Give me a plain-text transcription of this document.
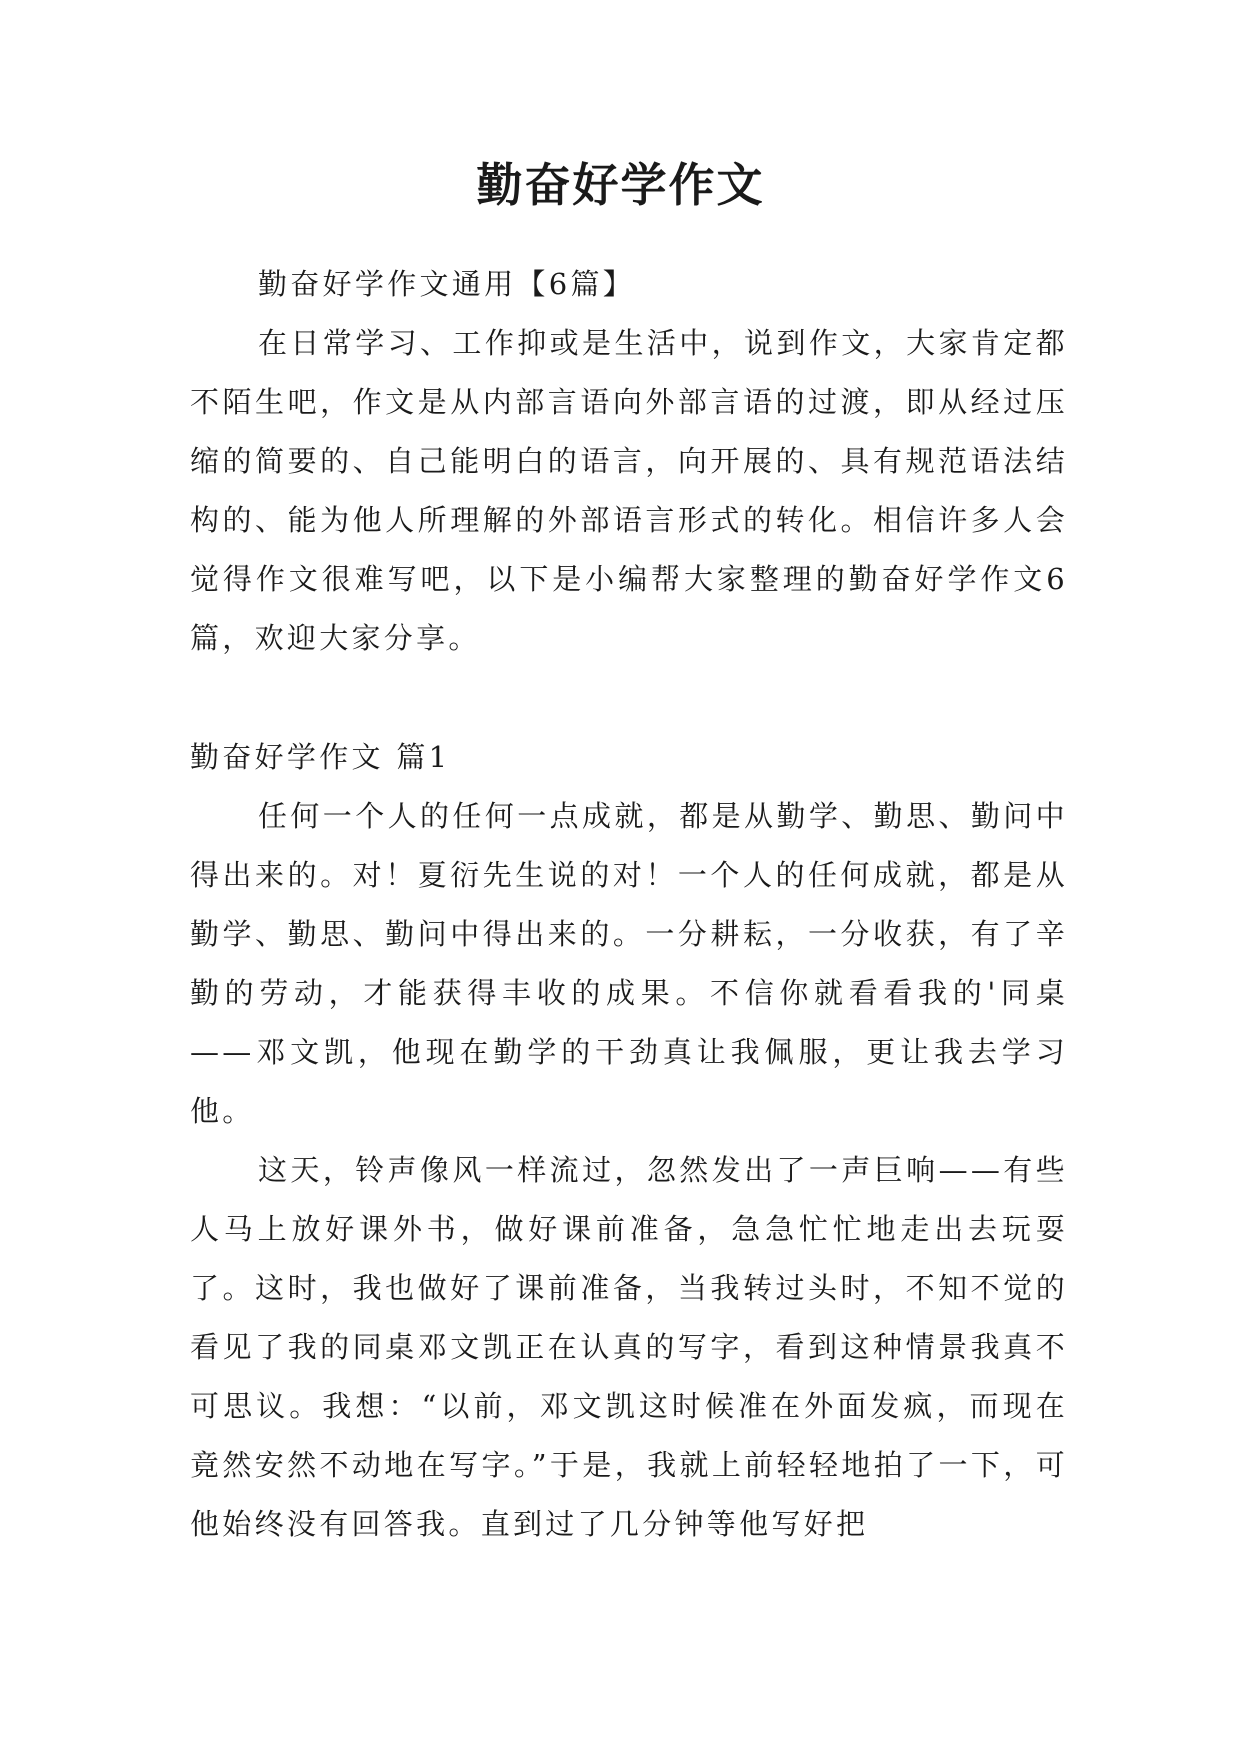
勤奋好学作文

勤奋好学作文通用【6篇】

在日常学习、工作抑或是生活中，说到作文，大家肯定都不陌生吧，作文是从内部言语向外部言语的过渡，即从经过压缩的简要的、自己能明白的语言，向开展的、具有规范语法结构的、能为他人所理解的外部语言形式的转化。相信许多人会觉得作文很难写吧，以下是小编帮大家整理的勤奋好学作文6篇，欢迎大家分享。

勤奋好学作文 篇1

任何一个人的任何一点成就，都是从勤学、勤思、勤问中得出来的。对！夏衍先生说的对！一个人的任何成就，都是从勤学、勤思、勤问中得出来的。一分耕耘，一分收获，有了辛勤的劳动，才能获得丰收的成果。不信你就看看我的'同桌——邓文凯，他现在勤学的干劲真让我佩服，更让我去学习他。

这天，铃声像风一样流过，忽然发出了一声巨响——有些人马上放好课外书，做好课前准备，急急忙忙地走出去玩耍了。这时，我也做好了课前准备，当我转过头时，不知不觉的看见了我的同桌邓文凯正在认真的写字，看到这种情景我真不可思议。我想：“以前，邓文凯这时候准在外面发疯，而现在竟然安然不动地在写字。”于是，我就上前轻轻地拍了一下，可他始终没有回答我。直到过了几分钟等他写好把
